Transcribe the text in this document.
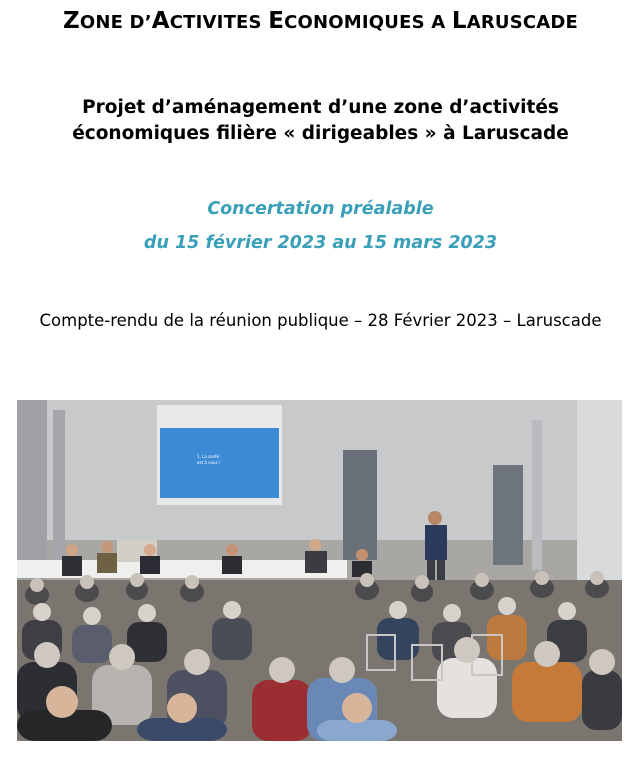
ZONE D’ACTIVITES ECONOMIQUES A LARUSCADE
Projet d’aménagement d’une zone d’activités
économiques filière « dirigeables » à Laruscade
Concertation préalable
du 15 février 2023 au 15 mars 2023
Compte-rendu de la réunion publique – 28 Février 2023 – Laruscade
1. La santé
est à vous !
